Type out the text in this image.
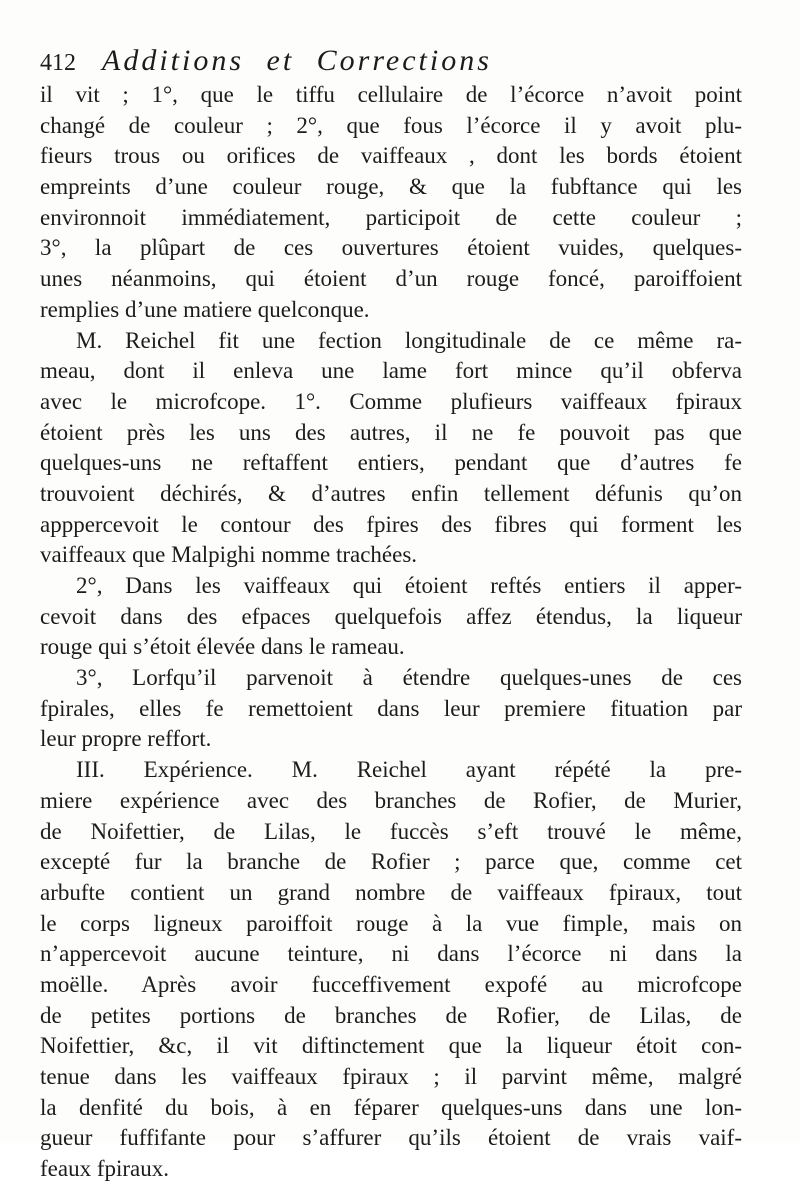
412 Additions et Corrections
il vit ; 1°, que le tiffu cellulaire de l’écorce n’avoit point
changé de couleur ; 2°, que fous l’écorce il y avoit plu-
fieurs trous ou orifices de vaiffeaux , dont les bords étoient
empreints d’une couleur rouge, & que la fubftance qui les
environnoit immédiatement, participoit de cette couleur ;
3°, la plûpart de ces ouvertures étoient vuides, quelques-
unes néanmoins, qui étoient d’un rouge foncé, paroiffoient
remplies d’une matiere quelconque.
M. Reichel fit une fection longitudinale de ce même ra-
meau, dont il enleva une lame fort mince qu’il obferva
avec le microfcope. 1°. Comme plufieurs vaiffeaux fpiraux
étoient près les uns des autres, il ne fe pouvoit pas que
quelques-uns ne reftaffent entiers, pendant que d’autres fe
trouvoient déchirés, & d’autres enfin tellement défunis qu’on
apppercevoit le contour des fpires des fibres qui forment les
vaiffeaux que Malpighi nomme trachées.
2°, Dans les vaiffeaux qui étoient reftés entiers il apper-
cevoit dans des efpaces quelquefois affez étendus, la liqueur
rouge qui s’étoit élevée dans le rameau.
3°, Lorfqu’il parvenoit à étendre quelques-unes de ces
fpirales, elles fe remettoient dans leur premiere fituation par
leur propre reffort.
III. Expérience. M. Reichel ayant répété la pre-
miere expérience avec des branches de Rofier, de Murier,
de Noifettier, de Lilas, le fuccès s’eft trouvé le même,
excepté fur la branche de Rofier ; parce que, comme cet
arbufte contient un grand nombre de vaiffeaux fpiraux, tout
le corps ligneux paroiffoit rouge à la vue fimple, mais on
n’appercevoit aucune teinture, ni dans l’écorce ni dans la
moëlle. Après avoir fucceffivement expofé au microfcope
de petites portions de branches de Rofier, de Lilas, de
Noifettier, &c, il vit diftinctement que la liqueur étoit con-
tenue dans les vaiffeaux fpiraux ; il parvint même, malgré
la denfité du bois, à en féparer quelques-uns dans une lon-
gueur fuffifante pour s’affurer qu’ils étoient de vrais vaif-
feaux fpiraux.
